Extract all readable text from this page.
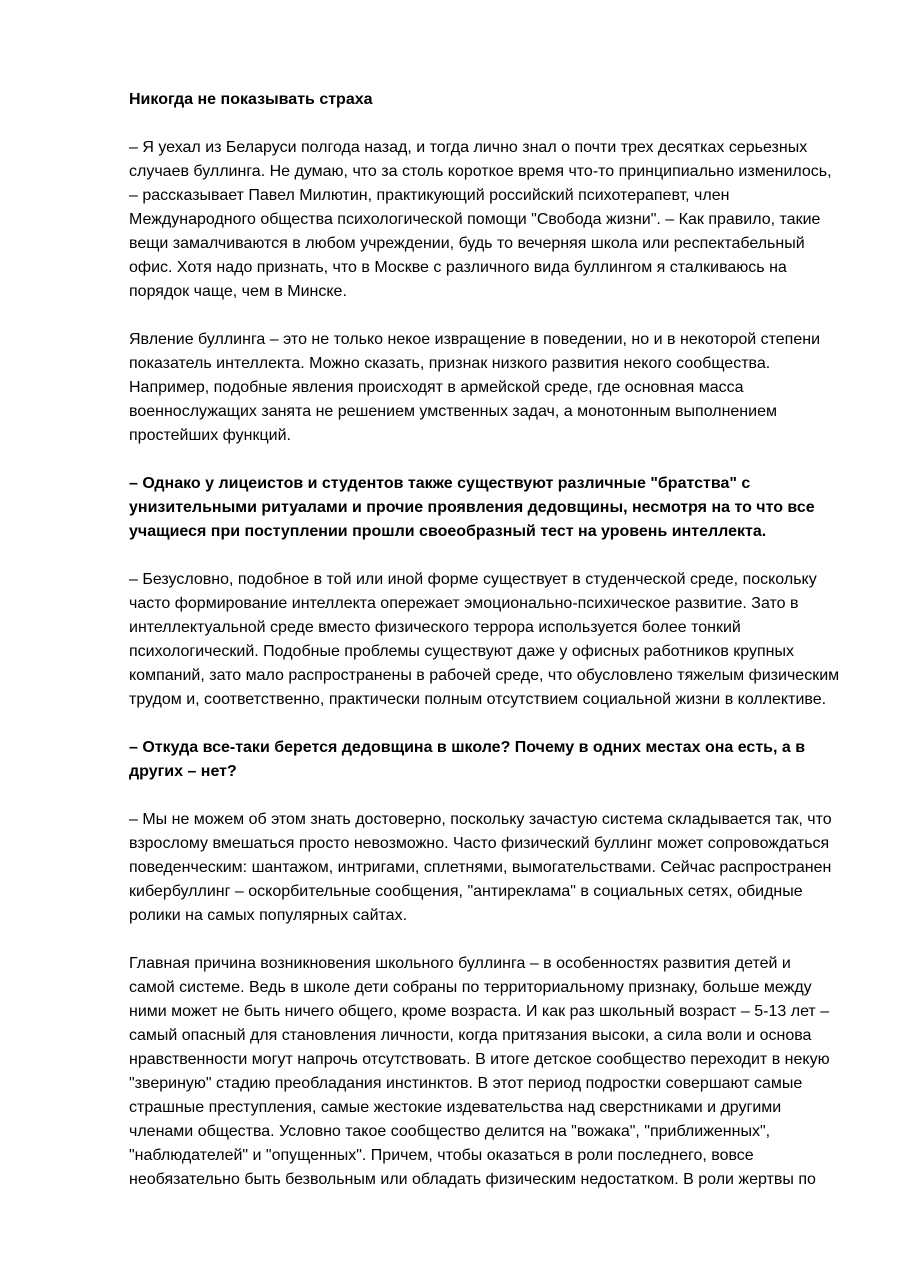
Никогда не показывать страха

– Я уехал из Беларуси полгода назад, и тогда лично знал о почти трех десятках серьезных
случаев буллинга. Не думаю, что за столь короткое время что-то принципиально изменилось,
– рассказывает Павел Милютин, практикующий российский психотерапевт, член
Международного общества психологической помощи "Свобода жизни". – Как правило, такие
вещи замалчиваются в любом учреждении, будь то вечерняя школа или респектабельный
офис. Хотя надо признать, что в Москве с различного вида буллингом я сталкиваюсь на
порядок чаще, чем в Минске.

Явление буллинга – это не только некое извращение в поведении, но и в некоторой степени
показатель интеллекта. Можно сказать, признак низкого развития некого сообщества.
Например, подобные явления происходят в армейской среде, где основная масса
военнослужащих занята не решением умственных задач, а монотонным выполнением
простейших функций.

– Однако у лицеистов и студентов также существуют различные "братства" с
унизительными ритуалами и прочие проявления дедовщины, несмотря на то что все
учащиеся при поступлении прошли своеобразный тест на уровень интеллекта.

– Безусловно, подобное в той или иной форме существует в студенческой среде, поскольку
часто формирование интеллекта опережает эмоционально-психическое развитие. Зато в
интеллектуальной среде вместо физического террора используется более тонкий
психологический. Подобные проблемы существуют даже у офисных работников крупных
компаний, зато мало распространены в рабочей среде, что обусловлено тяжелым физическим
трудом и, соответственно, практически полным отсутствием социальной жизни в коллективе.

– Откуда все-таки берется дедовщина в школе? Почему в одних местах она есть, а в
других – нет?

– Мы не можем об этом знать достоверно, поскольку зачастую система складывается так, что
взрослому вмешаться просто невозможно. Часто физический буллинг может сопровождаться
поведенческим: шантажом, интригами, сплетнями, вымогательствами. Сейчас распространен
кибербуллинг – оскорбительные сообщения, "антиреклама" в социальных сетях, обидные
ролики на самых популярных сайтах.

Главная причина возникновения школьного буллинга – в особенностях развития детей и
самой системе. Ведь в школе дети собраны по территориальному признаку, больше между
ними может не быть ничего общего, кроме возраста. И как раз школьный возраст – 5-13 лет –
самый опасный для становления личности, когда притязания высоки, а сила воли и основа
нравственности могут напрочь отсутствовать. В итоге детское сообщество переходит в некую
"звериную" стадию преобладания инстинктов. В этот период подростки совершают самые
страшные преступления, самые жестокие издевательства над сверстниками и другими
членами общества. Условно такое сообщество делится на "вожака", "приближенных",
"наблюдателей" и "опущенных". Причем, чтобы оказаться в роли последнего, вовсе
необязательно быть безвольным или обладать физическим недостатком. В роли жертвы по
